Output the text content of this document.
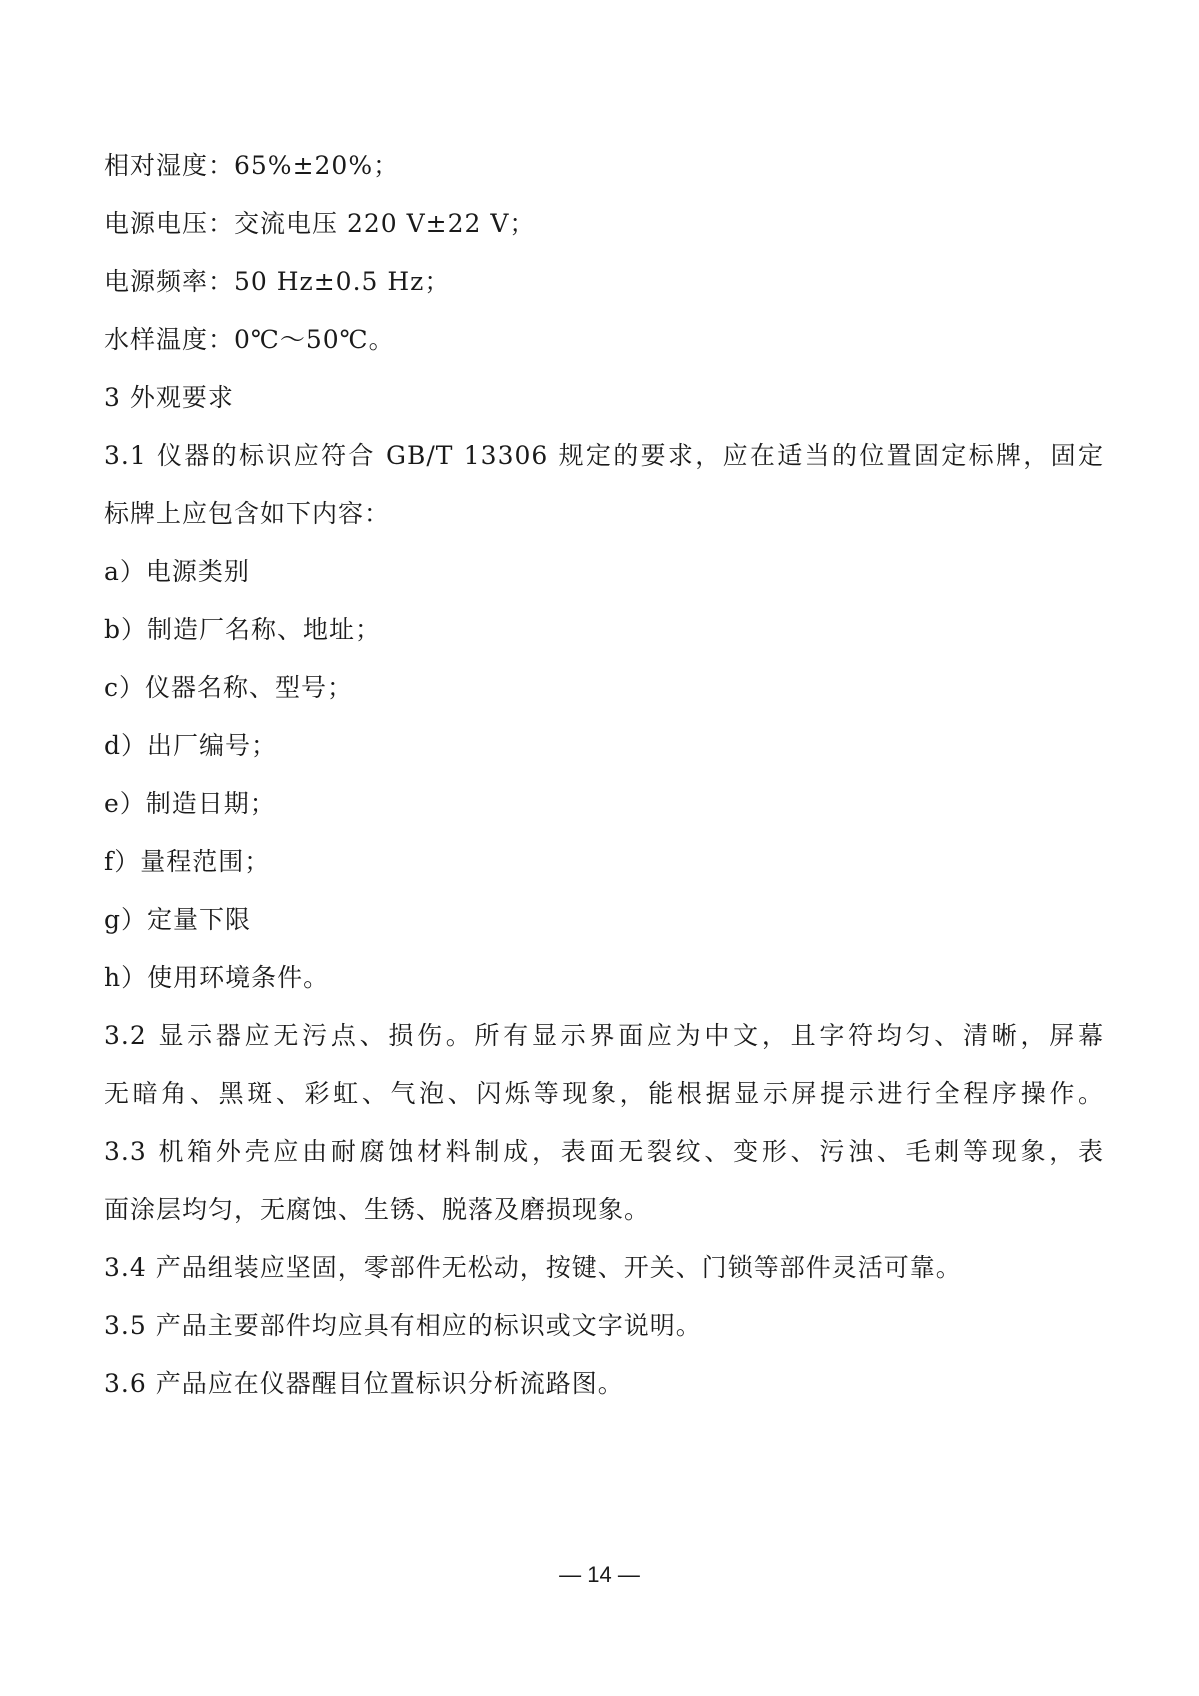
相对湿度：65%±20%；
电源电压：交流电压 220 V±22 V；
电源频率：50 Hz±0.5 Hz；
水样温度：0℃～50℃。
3 外观要求
3.1 仪器的标识应符合 GB/T 13306 规定的要求，应在适当的位置固定标牌，固定
标牌上应包含如下内容：
a）电源类别
b）制造厂名称、地址；
c）仪器名称、型号；
d）出厂编号；
e）制造日期；
f）量程范围；
g）定量下限
h）使用环境条件。
3.2 显示器应无污点、损伤。所有显示界面应为中文，且字符均匀、清晰，屏幕
无暗角、黑斑、彩虹、气泡、闪烁等现象，能根据显示屏提示进行全程序操作。
3.3 机箱外壳应由耐腐蚀材料制成，表面无裂纹、变形、污浊、毛刺等现象，表
面涂层均匀，无腐蚀、生锈、脱落及磨损现象。
3.4 产品组装应坚固，零部件无松动，按键、开关、门锁等部件灵活可靠。
3.5 产品主要部件均应具有相应的标识或文字说明。
3.6 产品应在仪器醒目位置标识分析流路图。
— 14 —
